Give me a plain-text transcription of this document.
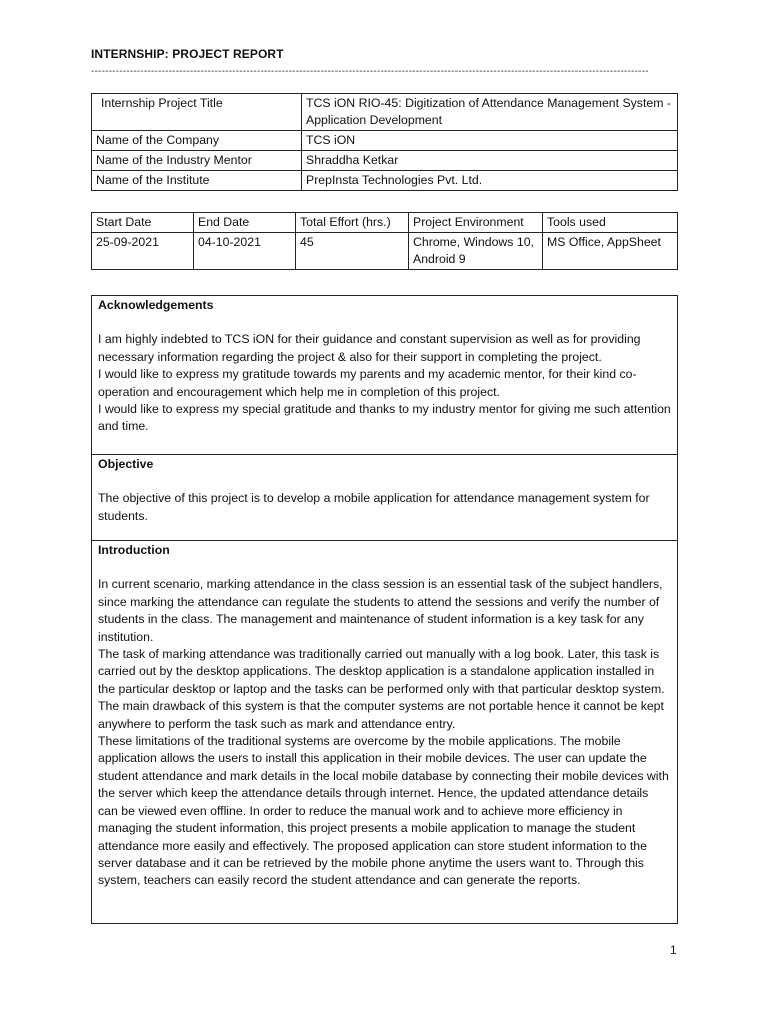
INTERNSHIP: PROJECT REPORT
--------------------------------------------------------------------------------------------------------------------------------------------------------------
Internship Project Title	TCS iON RIO-45: Digitization of Attendance Management System - Application Development
Name of the Company	TCS iON
Name of the Industry Mentor	Shraddha Ketkar
Name of the Institute	PrepInsta Technologies Pvt. Ltd.
Start Date	End Date	Total Effort (hrs.)	Project Environment	Tools used
25-09-2021	04-10-2021	45	Chrome, Windows 10, Android 9	MS Office, AppSheet
Acknowledgements

I am highly indebted to TCS iON for their guidance and constant supervision as well as for providing necessary information regarding the project & also for their support in completing the project.

I would like to express my gratitude towards my parents and my academic mentor, for their kind co-operation and encouragement which help me in completion of this project.

I would like to express my special gratitude and thanks to my industry mentor for giving me such attention and time.

Objective

The objective of this project is to develop a mobile application for attendance management system for students.

Introduction

In current scenario, marking attendance in the class session is an essential task of the subject handlers, since marking the attendance can regulate the students to attend the sessions and verify the number of students in the class. The management and maintenance of student information is a key task for any institution.

The task of marking attendance was traditionally carried out manually with a log book. Later, this task is carried out by the desktop applications. The desktop application is a standalone application installed in the particular desktop or laptop and the tasks can be performed only with that particular desktop system. The main drawback of this system is that the computer systems are not portable hence it cannot be kept anywhere to perform the task such as mark and attendance entry.

These limitations of the traditional systems are overcome by the mobile applications. The mobile application allows the users to install this application in their mobile devices. The user can update the student attendance and mark details in the local mobile database by connecting their mobile devices with the server which keep the attendance details through internet. Hence, the updated attendance details can be viewed even offline. In order to reduce the manual work and to achieve more efficiency in managing the student information, this project presents a mobile application to manage the student attendance more easily and effectively. The proposed application can store student information to the server database and it can be retrieved by the mobile phone anytime the users want to. Through this system, teachers can easily record the student attendance and can generate the reports.

1
